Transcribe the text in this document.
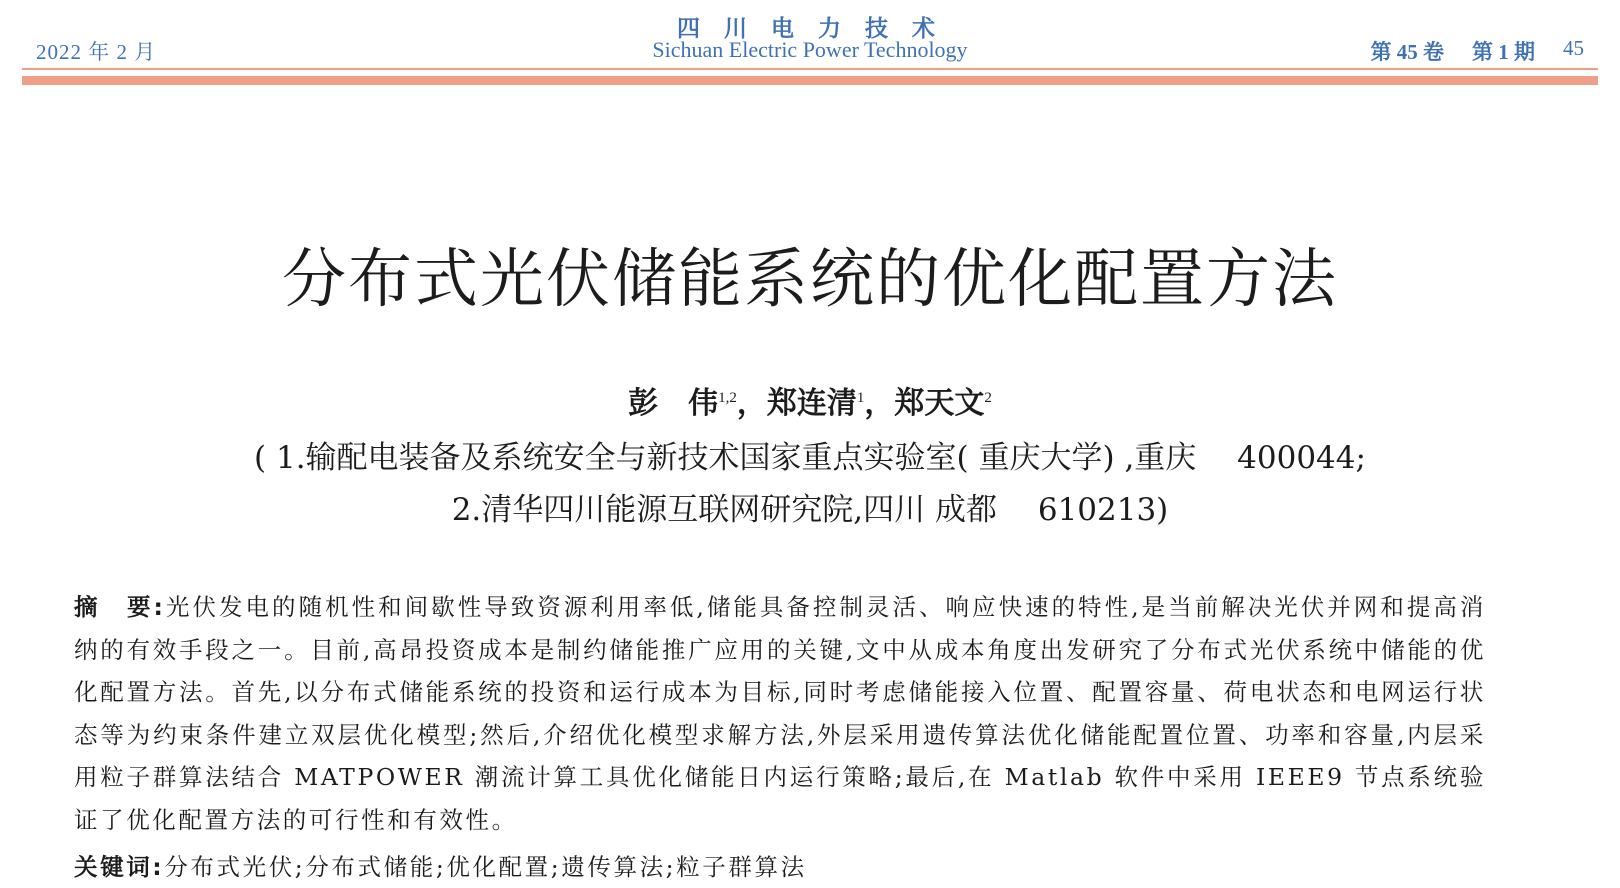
2022 年 2 月
四 川 电 力 技 术
Sichuan Electric Power Technology	第 45 卷 第 1 期 45
分布式光伏储能系统的优化配置方法
彭　伟$^{1,2}$，郑连清$^1$，郑天文$^2$
( 1.输配电装备及系统安全与新技术国家重点实验室( 重庆大学) ,重庆　 400044;
2.清华四川能源互联网研究院,四川 成都　 610213)
摘　要:光伏发电的随机性和间歇性导致资源利用率低,储能具备控制灵活、响应快速的特性,是当前解决光伏并网和提高消纳的有效手段之一。目前,高昂投资成本是制约储能推广应用的关键,文中从成本角度出发研究了分布式光伏系统中储能的优化配置方法。首先,以分布式储能系统的投资和运行成本为目标,同时考虑储能接入位置、配置容量、荷电状态和电网运行状态等为约束条件建立双层优化模型;然后,介绍优化模型求解方法,外层采用遗传算法优化储能配置位置、功率和容量,内层采用粒子群算法结合 MATPOWER 潮流计算工具优化储能日内运行策略;最后,在 Matlab 软件中采用 IEEE9 节点系统验证了优化配置方法的可行性和有效性。
关键词:分布式光伏;分布式储能;优化配置;遗传算法;粒子群算法
